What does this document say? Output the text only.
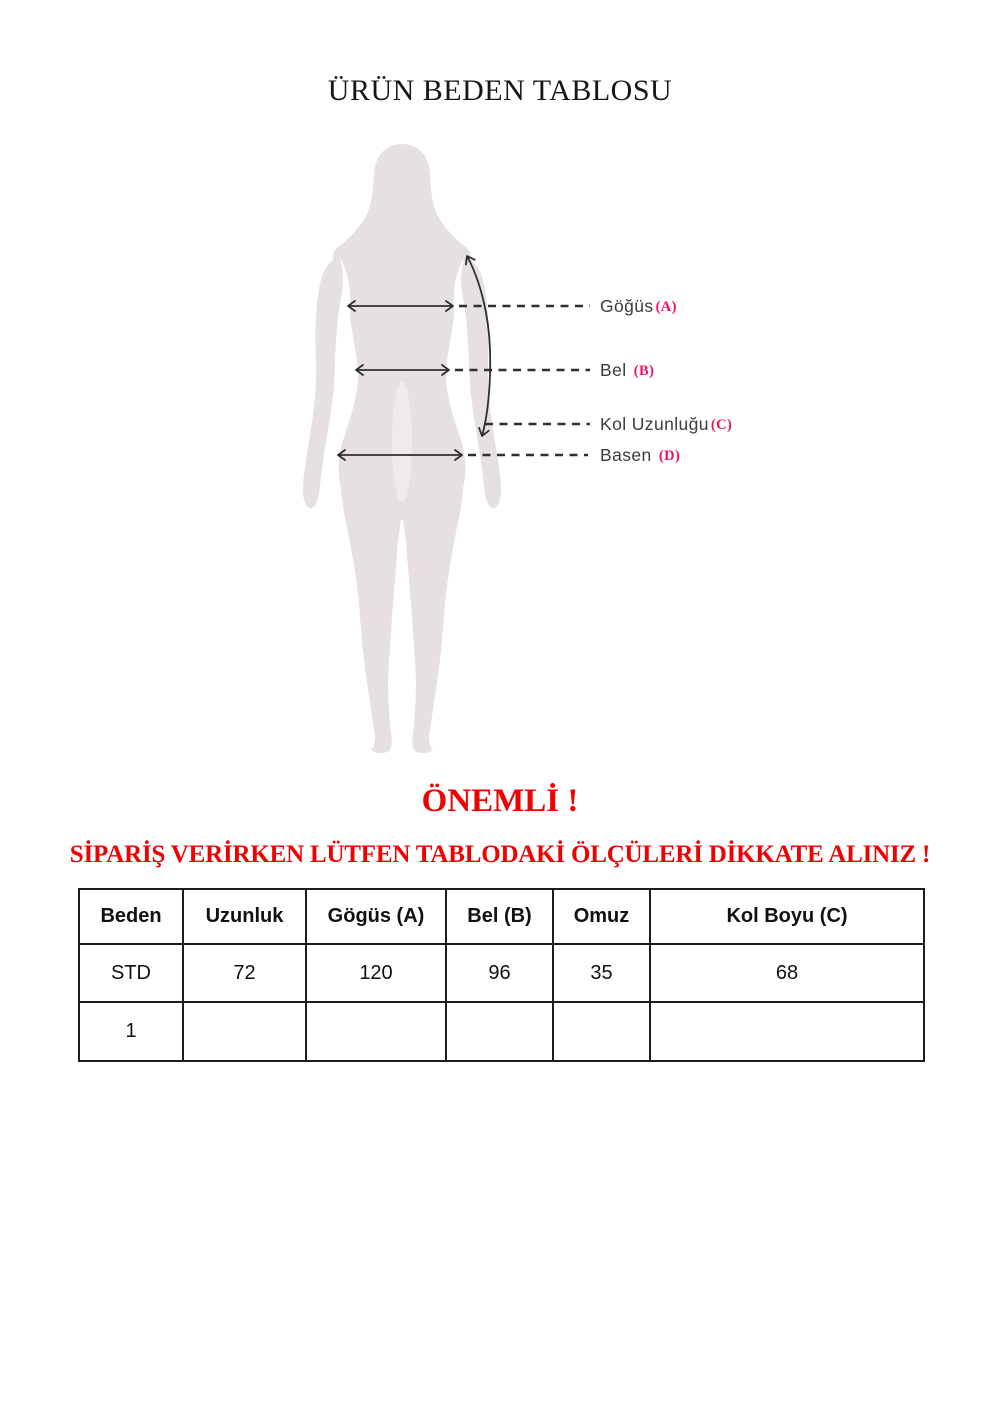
ÜRÜN BEDEN TABLOSU
Göğüs (A)
Bel (B)
Kol Uzunluğu (C)
Basen (D)
ÖNEMLİ !
SİPARİŞ VERİRKEN LÜTFEN TABLODAKİ ÖLÇÜLERİ DİKKATE ALINIZ !
Beden	Uzunluk	Gögüs (A)	Bel (B)	Omuz	Kol Boyu (C)
STD	72	120	96	35	68
1					
